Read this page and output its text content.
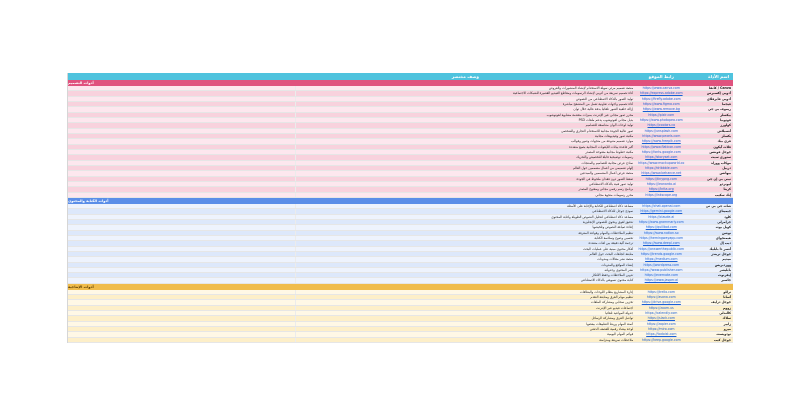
وصف مختصر	رابط الموقع	اسم الأداة
أدوات التصميم
منصة تصميم مرئي سهلة الاستخدام لإنشاء المنشورات والعروض	https://www.canva.com	Canva / كانفا
أداة تصميم سريعة من أدوبي لإنشاء الرسومات ومقاطع الفيديو القصيرة للشبكات الاجتماعية	https://express.adobe.com	أدوبي إكسبرس
توليد الصور بالذكاء الاصطناعي من النصوص	https://firefly.adobe.com	أدوبي فايرفلاي
أداة تصميم واجهات تعاونية تعمل من المتصفح مباشرة	https://www.figma.com	فيجما
إزالة خلفية الصور تلقائيا بدقة عالية خلال ثوان	https://www.remove.bg	ريموف بي جي
محرر صور مجاني عبر الإنترنت بميزات متقدمة مشابهة لفوتوشوب	https://pixlr.com	بيكسلر
بديل مجاني لفوتوشوب يدعم ملفات PSD	https://www.photopea.com	فوتوبيا
توليد لوحات ألوان متناسقة للتصاميم	https://coolors.co	كولورز
صور عالية الجودة مجانية للاستخدام التجاري والشخصي	https://unsplash.com	أنسبلاش
مكتبة صور وفيديوهات مجانية	https://www.pexels.com	بكسلز
موارد تصميم متنوعة من متجهات وصور وقوالب	https://www.freepik.com	فري بيك
أكبر قاعدة بيانات للأيقونات المجانية بصيغ متعددة	https://www.flaticon.com	فلات آيكون
مكتبة خطوط مجانية مفتوحة المصدر	https://fonts.google.com	جوجل فونتس
رسومات توضيحية قابلة للتخصيص والتحريك	https://storyset.com	ستوري سيت
نماذج عرض مجانية للتصاميم والمنتجات	https://www.mockupworld.co	موكاب وورلد
إلهام تصميمي من أعمال مصممين حول العالم	https://dribbble.com	دريبل
منصة عرض أعمال المصممين والمبدعين	https://www.behance.net	بيهانس
ضغط الصور دون فقدان ملحوظ في الجودة	https://tinypng.com	تيني بي إن جي
توليد صور فنية بالذكاء الاصطناعي	https://leonardo.ai	ليونردو
برنامج رسم رقمي مجاني ومفتوح المصدر	https://krita.org	كريتا
محرر رسومات متجهة مجاني	https://inkscape.org	إنك سكيب
أدوات الكتابة والمحتوى
مساعد ذكاء اصطناعي للكتابة والإجابة على الأسئلة	https://chat.openai.com	شات جي بي تي
نموذج جوجل للذكاء الاصطناعي	https://gemini.google.com	جيميناي
مساعد ذكاء اصطناعي لتحليل النصوص الطويلة وكتابة المحتوى	https://claude.ai	كلود
تدقيق لغوي ونحوي للنصوص الإنجليزية	https://www.grammarly.com	جرامرلي
إعادة صياغة النصوص وتلخيصها	https://quillbot.com	كويل بوت
تنظيم الملاحظات والمهام وقواعد المعرفة	https://www.notion.so	نوشن
تحسين وضوح وسلاسة الكتابة	https://hemingwayapp.com	هيمنجواي
ترجمة آلية دقيقة بين لغات متعددة	https://www.deepl.com	ديب إل
أفكار محتوى مبنية على عمليات البحث	https://answerthepublic.com	أنسر ذا بابليك
متابعة اتجاهات البحث حول العالم	https://trends.google.com	جوجل تريندز
منصة نشر مقالات ومدونات	https://medium.com	ميديم
إنشاء المواقع والمدونات	https://wordpress.com	ووردبريس
نشر المحتوى وجدولته	https://www.publisher.com	بابليشر
تدوين الملاحظات وحفظ الأفكار	https://evernote.com	إيفرنوت
كتابة محتوى تسويقي بالذكاء الاصطناعي	https://www.jasper.ai	جاسبر
أدوات الإنتاجية
إدارة المشاريع بنظام اللوحات والبطاقات	https://trello.com	ترللو
تنظيم مهام الفرق ومتابعة التقدم	https://asana.com	أسانا
تخزين سحابي ومشاركة الملفات	https://drive.google.com	جوجل درايف
اجتماعات فيديو عبر الإنترنت	https://zoom.us	زووم
جدولة المواعيد تلقائيا	https://calendly.com	كالندلي
تواصل الفرق ومشاركة الرسائل	https://slack.com	سلاك
أتمتة المهام وربط التطبيقات ببعضها	https://zapier.com	زابير
لوحة بيضاء رقمية للعصف الذهني	https://miro.com	ميرو
قوائم المهام اليومية	https://todoist.com	تودويست
ملاحظات سريعة ومتزامنة	https://keep.google.com	جوجل كيب
